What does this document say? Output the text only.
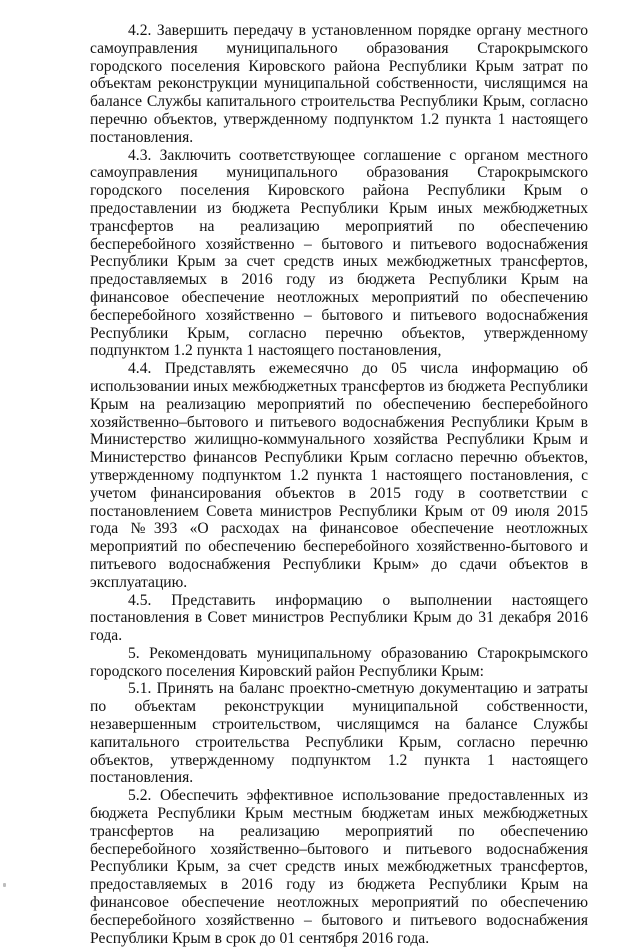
4.2. Завершить передачу в установленном порядке органу местного самоуправления муниципального образования Старокрымского городского поселения Кировского района Республики Крым затрат по объектам реконструкции муниципальной собственности, числящимся на балансе Службы капитального строительства Республики Крым, согласно перечню объектов, утвержденному подпунктом 1.2 пункта 1 настоящего постановления.

4.3. Заключить соответствующее соглашение с органом местного самоуправления муниципального образования Старокрымского городского поселения Кировского района Республики Крым о предоставлении из бюджета Республики Крым иных межбюджетных трансфертов на реализацию мероприятий по обеспечению бесперебойного хозяйственно – бытового и питьевого водоснабжения Республики Крым за счет средств иных межбюджетных трансфертов, предоставляемых в 2016 году из бюджета Республики Крым на финансовое обеспечение неотложных мероприятий по обеспечению бесперебойного хозяйственно – бытового и питьевого водоснабжения Республики Крым, согласно перечню объектов, утвержденному подпунктом 1.2 пункта 1 настоящего постановления,

4.4. Представлять ежемесячно до 05 числа информацию об использовании иных межбюджетных трансфертов из бюджета Республики Крым на реализацию мероприятий по обеспечению бесперебойного хозяйственно–бытового и питьевого водоснабжения Республики Крым в Министерство жилищно-коммунального хозяйства Республики Крым и Министерство финансов Республики Крым согласно перечню объектов, утвержденному подпунктом 1.2 пункта 1 настоящего постановления, с учетом финансирования объектов в 2015 году в соответствии с постановлением Совета министров Республики Крым от 09 июля 2015 года №393 «О расходах на финансовое обеспечение неотложных мероприятий по обеспечению бесперебойного хозяйственно-бытового и питьевого водоснабжения Республики Крым» до сдачи объектов в эксплуатацию.

4.5. Представить информацию о выполнении настоящего постановления в Совет министров Республики Крым до 31 декабря 2016 года.

5. Рекомендовать муниципальному образованию Старокрымского городского поселения Кировский район Республики Крым:

5.1. Принять на баланс проектно-сметную документацию и затраты по объектам реконструкции муниципальной собственности, незавершенным строительством, числящимся на балансе Службы капитального строительства Республики Крым, согласно перечню объектов, утвержденному подпунктом 1.2 пункта 1 настоящего постановления.

5.2. Обеспечить эффективное использование предоставленных из бюджета Республики Крым местным бюджетам иных межбюджетных трансфертов на реализацию мероприятий по обеспечению бесперебойного хозяйственно–бытового и питьевого водоснабжения Республики Крым, за счет средств иных межбюджетных трансфертов, предоставляемых в 2016 году из бюджета Республики Крым на финансовое обеспечение неотложных мероприятий по обеспечению бесперебойного хозяйственно – бытового и питьевого водоснабжения Республики Крым в срок до 01 сентября 2016 года.
